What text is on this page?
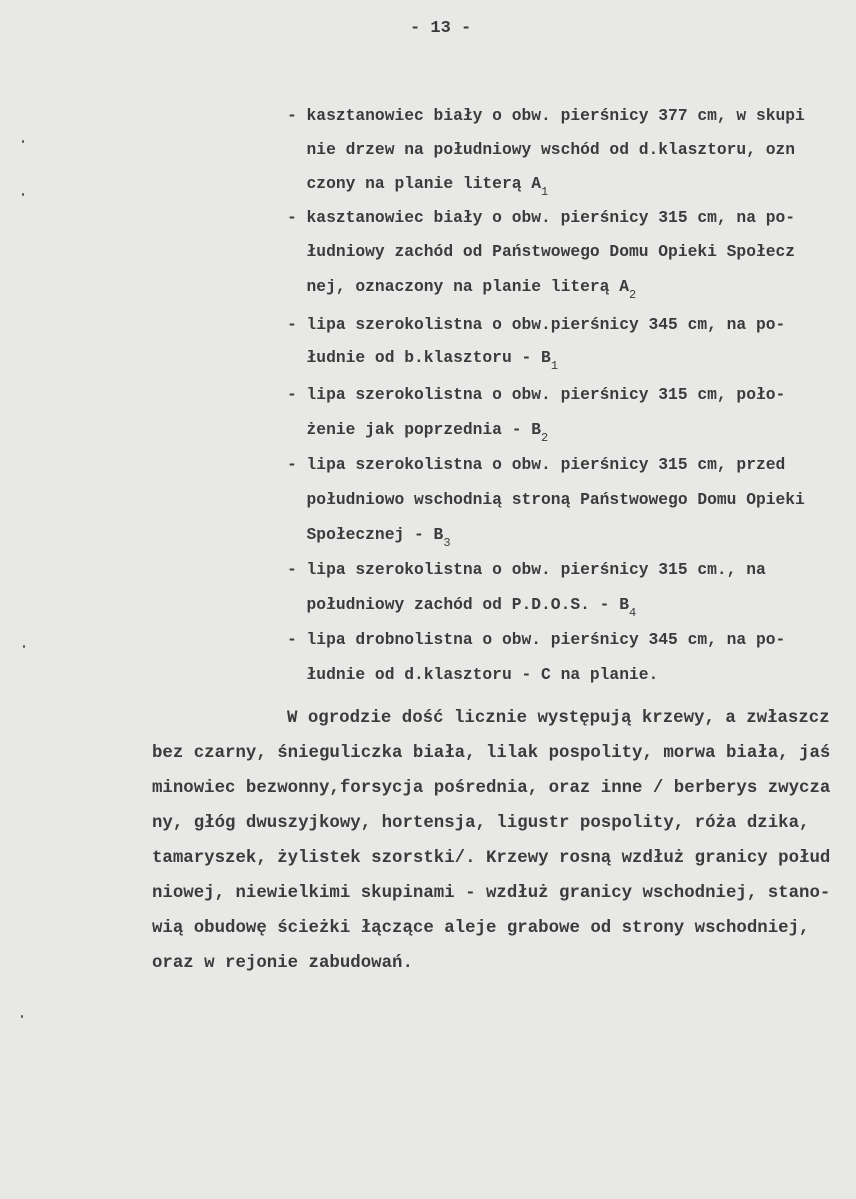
- 13 -
- kasztanowiec biały o obw. pierśnicy 377 cm, w skupi
nie drzew na południowy wschód od d.klasztoru, ozn
czony na planie literą $A_1$
- kasztanowiec biały o obw. pierśnicy 315 cm, na po-
łudniowy zachód od Państwowego Domu Opieki Społecz
nej, oznaczony na planie literą $A_2$
- lipa szerokolistna o obw.pierśnicy 345 cm, na po-
łudnie od b.klasztoru - $B_1$
- lipa szerokolistna o obw. pierśnicy 315 cm, poło-
żenie jak poprzednia - $B_2$
- lipa szerokolistna o obw. pierśnicy 315 cm, przed
południowo wschodnią stroną Państwowego Domu Opieki
Społecznej - $B_3$
- lipa szerokolistna o obw. pierśnicy 315 cm., na
południowy zachód od P.D.O.S. - $B_4$
- lipa drobnolistna o obw. pierśnicy 345 cm, na po-
łudnie od d.klasztoru - C na planie.
W ogrodzie dość licznie występują krzewy, a zwłaszcz
bez czarny, śnieguliczka biała, lilak pospolity, morwa biała, jaś
minowiec bezwonny,forsycja pośrednia, oraz inne / berberys zwycza
ny, głóg dwuszyjkowy, hortensja, ligustr pospolity, róża dzika,
tamaryszek, żylistek szorstki/. Krzewy rosną wzdłuż granicy połud
niowej, niewielkimi skupinami - wzdłuż granicy wschodniej, stano-
wią obudowę ścieżki łączące aleje grabowe od strony wschodniej,
oraz w rejonie zabudowań.
